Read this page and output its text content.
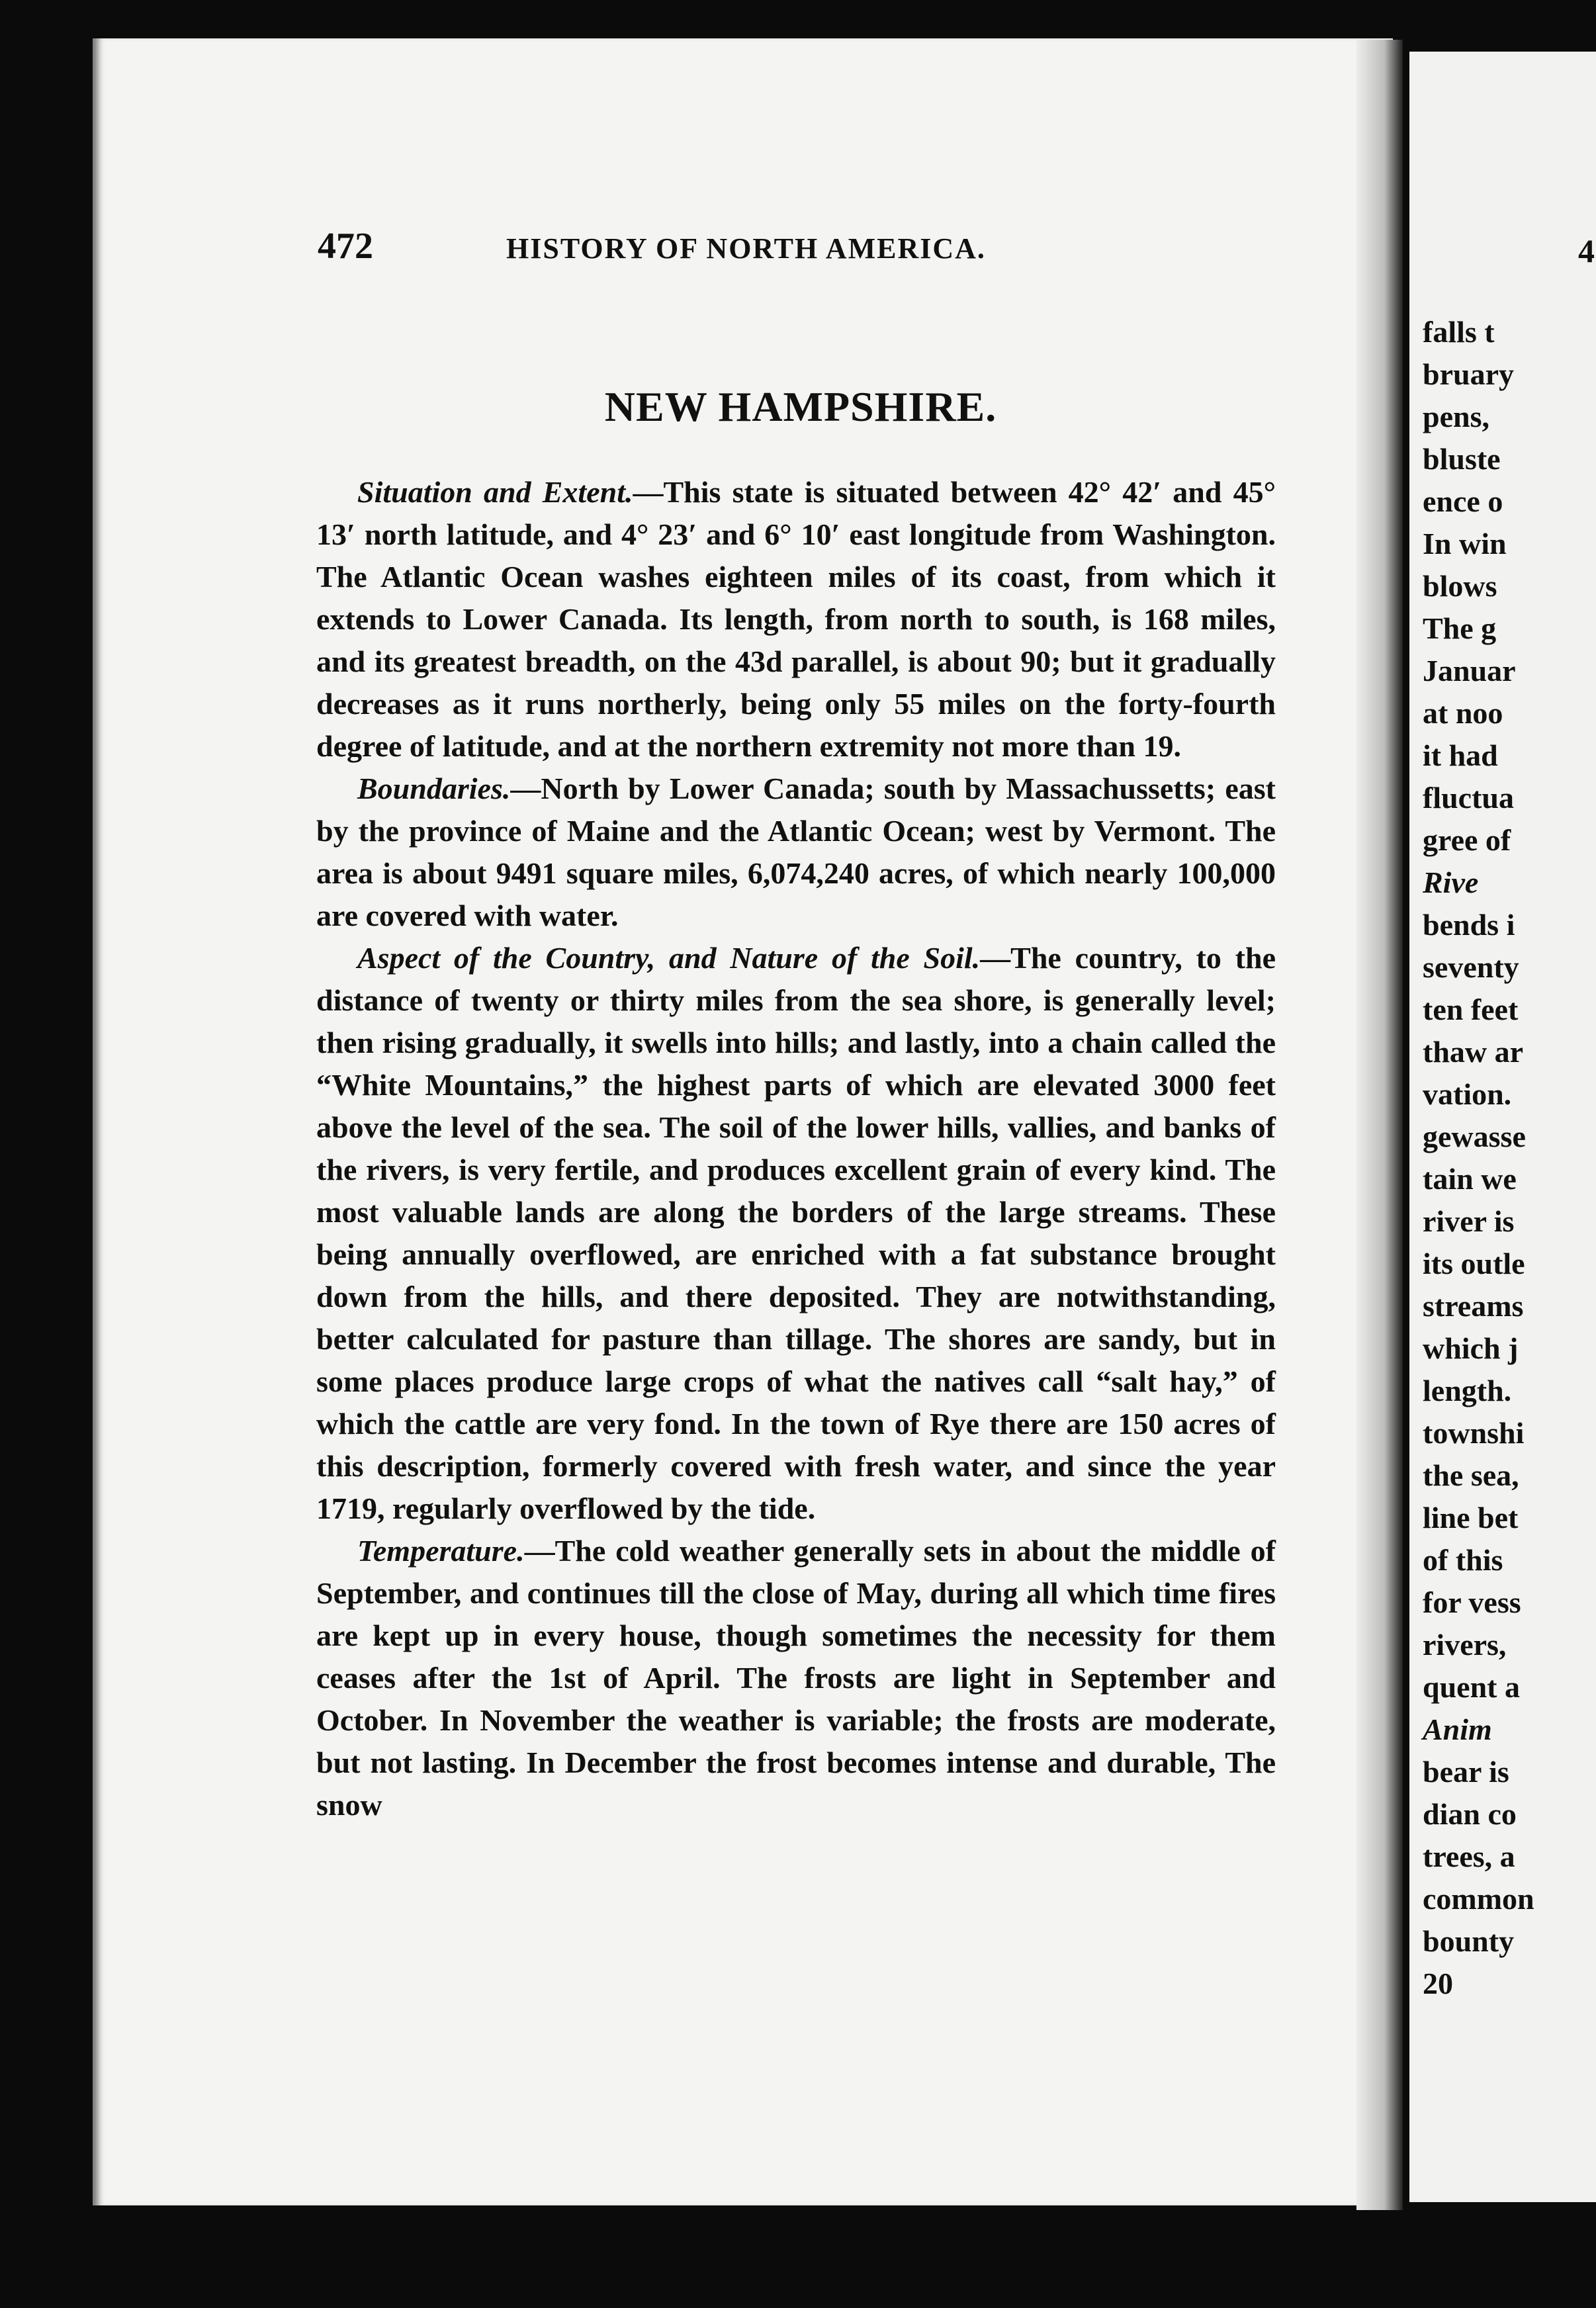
472	HISTORY OF NORTH AMERICA.
NEW HAMPSHIRE.

Situation and Extent.—This state is situated between 42° 42′ and 45° 13′ north latitude, and 4° 23′ and 6° 10′ east longitude from Washington. The Atlantic Ocean washes eighteen miles of its coast, from which it extends to Lower Canada. Its length, from north to south, is 168 miles, and its greatest breadth, on the 43d parallel, is about 90; but it gradually decreases as it runs northerly, being only 55 miles on the forty-fourth degree of latitude, and at the northern extremity not more than 19.

Boundaries.—North by Lower Canada; south by Massachussetts; east by the province of Maine and the Atlantic Ocean; west by Vermont. The area is about 9491 square miles, 6,074,240 acres, of which nearly 100,000 are covered with water.

Aspect of the Country, and Nature of the Soil.—The country, to the distance of twenty or thirty miles from the sea shore, is generally level; then rising gradually, it swells into hills; and lastly, into a chain called the “White Mountains,” the highest parts of which are elevated 3000 feet above the level of the sea. The soil of the lower hills, vallies, and banks of the rivers, is very fertile, and produces excellent grain of every kind. The most valuable lands are along the borders of the large streams. These being annually overflowed, are enriched with a fat substance brought down from the hills, and there deposited. They are notwithstanding, better calculated for pasture than tillage. The shores are sandy, but in some places produce large crops of what the natives call “salt hay,” of which the cattle are very fond. In the town of Rye there are 150 acres of this description, formerly covered with fresh water, and since the year 1719, regularly overflowed by the tide.

Temperature.—The cold weather generally sets in about the middle of September, and continues till the close of May, during all which time fires are kept up in every house, though sometimes the necessity for them ceases after the 1st of April. The frosts are light in September and October. In November the weather is variable; the frosts are moderate, but not lasting. In December the frost becomes intense and durable, The snow

4
falls t
bruary
pens,
bluste
ence o
In win
blows
The g
Januar
at noo
it had
fluctua
gree of
Rive
bends i
seventy
ten feet
thaw ar
vation.
gewasse
tain we
river is
its outle
streams
which j
length.
townshi
the sea,
line bet
of this
for vess
rivers,
quent a
Anim
bear is
dian co
trees, a
common
bounty
20
